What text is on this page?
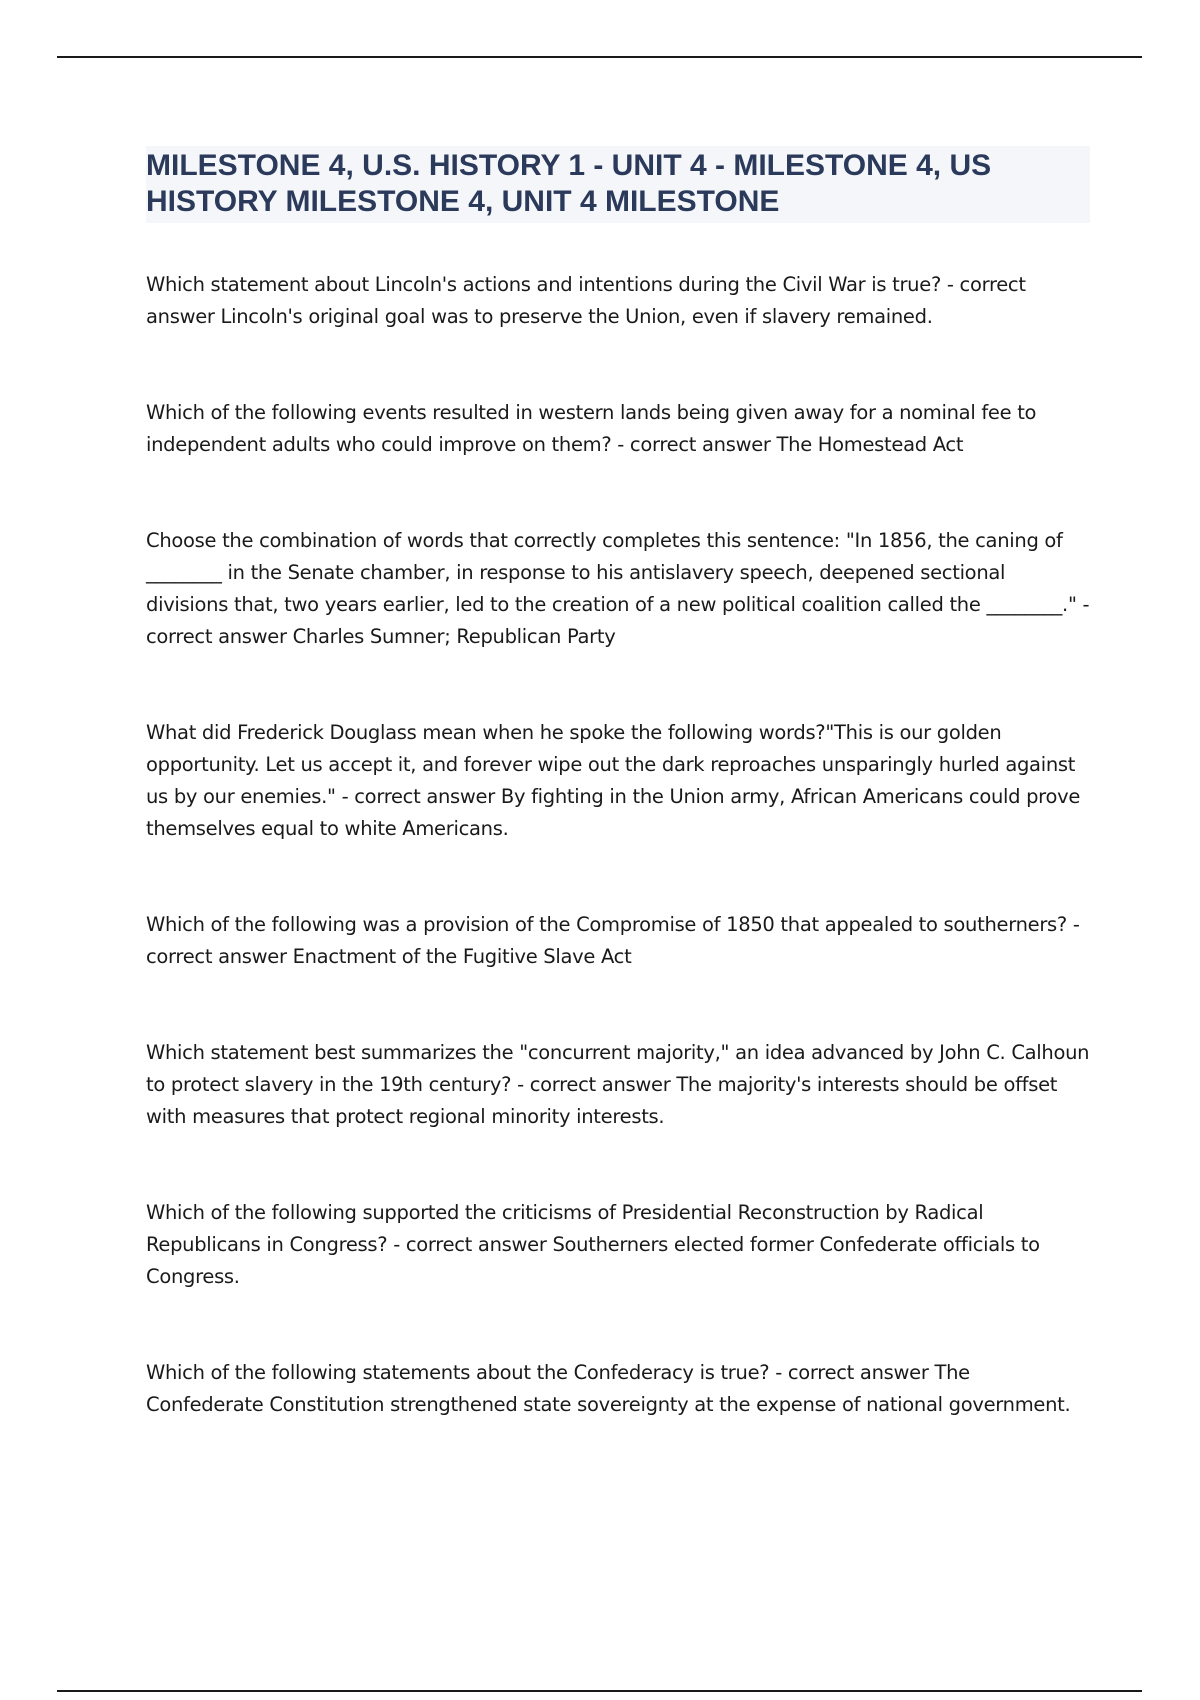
MILESTONE 4, U.S. HISTORY 1 - UNIT 4 - MILESTONE 4, US HISTORY MILESTONE 4, UNIT 4 MILESTONE

Which statement about Lincoln's actions and intentions during the Civil War is true? - correct answer Lincoln's original goal was to preserve the Union, even if slavery remained.

Which of the following events resulted in western lands being given away for a nominal fee to independent adults who could improve on them? - correct answer The Homestead Act

Choose the combination of words that correctly completes this sentence: "In 1856, the caning of ________ in the Senate chamber, in response to his antislavery speech, deepened sectional divisions that, two years earlier, led to the creation of a new political coalition called the ________." - correct answer Charles Sumner; Republican Party

What did Frederick Douglass mean when he spoke the following words?"This is our golden opportunity. Let us accept it, and forever wipe out the dark reproaches unsparingly hurled against us by our enemies." - correct answer By fighting in the Union army, African Americans could prove themselves equal to white Americans.

Which of the following was a provision of the Compromise of 1850 that appealed to southerners? - correct answer Enactment of the Fugitive Slave Act

Which statement best summarizes the "concurrent majority," an idea advanced by John C. Calhoun to protect slavery in the 19th century? - correct answer The majority's interests should be offset with measures that protect regional minority interests.

Which of the following supported the criticisms of Presidential Reconstruction by Radical Republicans in Congress? - correct answer Southerners elected former Confederate officials to Congress.

Which of the following statements about the Confederacy is true? - correct answer The Confederate Constitution strengthened state sovereignty at the expense of national government.
